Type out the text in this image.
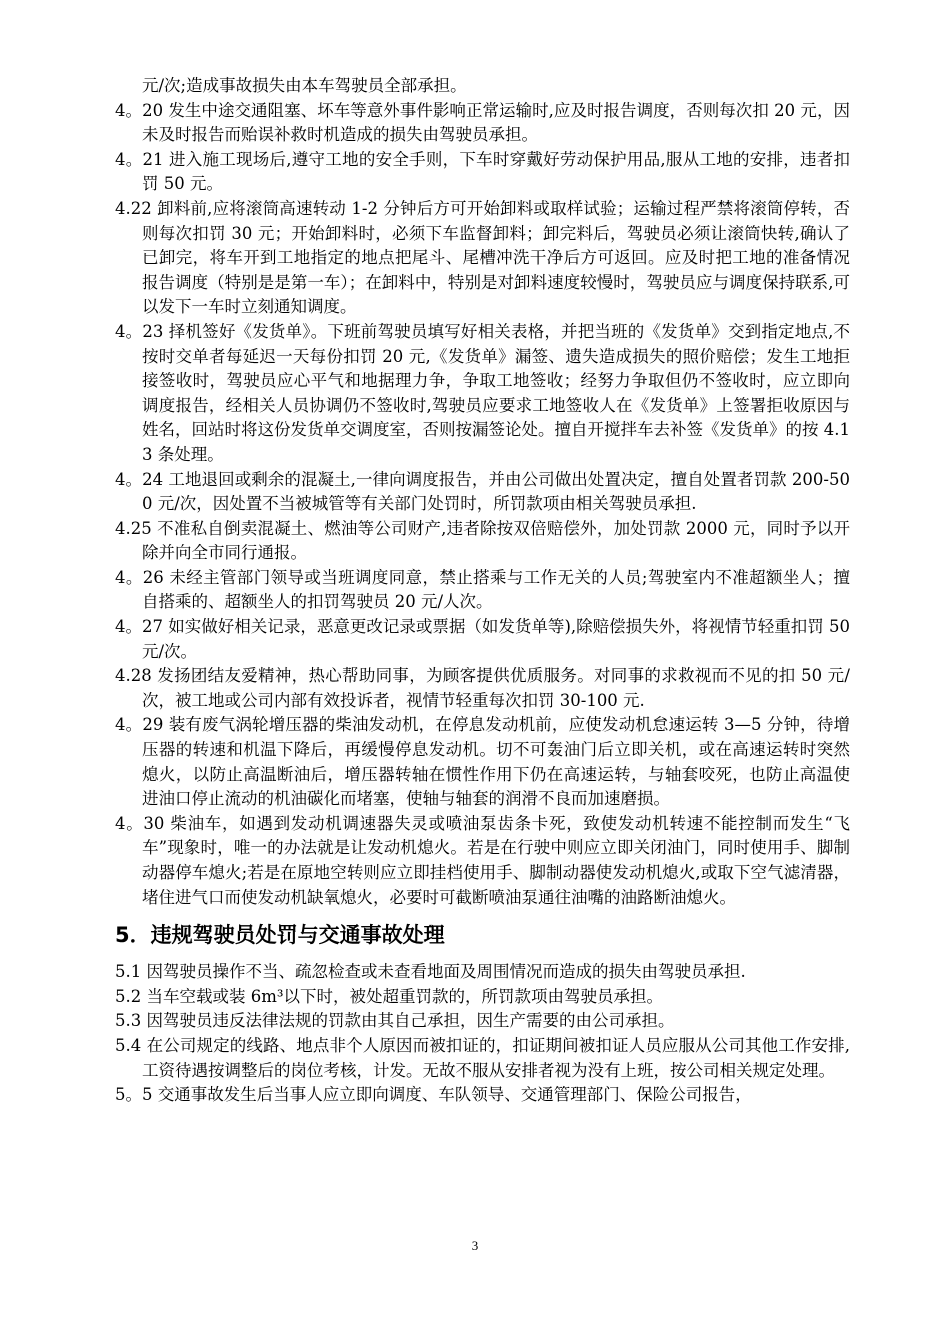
元/次;造成事故损失由本车驾驶员全部承担。

4。20 发生中途交通阻塞、坏车等意外事件影响正常运输时,应及时报告调度，否则每次扣 20 元，因未及时报告而贻误补救时机造成的损失由驾驶员承担。

4。21 进入施工现场后,遵守工地的安全手则，下车时穿戴好劳动保护用品,服从工地的安排，违者扣罚 50 元。

4.22 卸料前,应将滚筒高速转动 1-2 分钟后方可开始卸料或取样试验；运输过程严禁将滚筒停转，否则每次扣罚 30 元；开始卸料时，必须下车监督卸料；卸完料后，驾驶员必须让滚筒快转,确认了已卸完，将车开到工地指定的地点把尾斗、尾槽冲洗干净后方可返回。应及时把工地的准备情况报告调度（特别是是第一车）；在卸料中，特别是对卸料速度较慢时，驾驶员应与调度保持联系,可以发下一车时立刻通知调度。

4。23 择机签好《发货单》。下班前驾驶员填写好相关表格，并把当班的《发货单》交到指定地点,不按时交单者每延迟一天每份扣罚 20 元,《发货单》漏签、遗失造成损失的照价赔偿；发生工地拒接签收时，驾驶员应心平气和地据理力争，争取工地签收；经努力争取但仍不签收时，应立即向调度报告，经相关人员协调仍不签收时,驾驶员应要求工地签收人在《发货单》上签署拒收原因与姓名，回站时将这份发货单交调度室，否则按漏签论处。擅自开搅拌车去补签《发货单》的按 4.13 条处理。

4。24 工地退回或剩余的混凝土,一律向调度报告，并由公司做出处置决定，擅自处置者罚款 200-500 元/次，因处置不当被城管等有关部门处罚时，所罚款项由相关驾驶员承担.

4.25 不准私自倒卖混凝土、燃油等公司财产,违者除按双倍赔偿外，加处罚款 2000 元，同时予以开除并向全市同行通报。

4。26 未经主管部门领导或当班调度同意，禁止搭乘与工作无关的人员;驾驶室内不准超额坐人；擅自搭乘的、超额坐人的扣罚驾驶员 20 元/人次。

4。27 如实做好相关记录，恶意更改记录或票据（如发货单等),除赔偿损失外，将视情节轻重扣罚 50 元/次。

4.28 发扬团结友爱精神，热心帮助同事，为顾客提供优质服务。对同事的求救视而不见的扣 50 元/次，被工地或公司内部有效投诉者，视情节轻重每次扣罚 30-100 元.

4。29 装有废气涡轮增压器的柴油发动机，在停息发动机前，应使发动机怠速运转 3—5 分钟，待增压器的转速和机温下降后，再缓慢停息发动机。切不可轰油门后立即关机，或在高速运转时突然熄火，以防止高温断油后，增压器转轴在惯性作用下仍在高速运转，与轴套咬死，也防止高温使进油口停止流动的机油碳化而堵塞，使轴与轴套的润滑不良而加速磨损。

4。30 柴油车，如遇到发动机调速器失灵或喷油泵齿条卡死，致使发动机转速不能控制而发生“飞车”现象时，唯一的办法就是让发动机熄火。若是在行驶中则应立即关闭油门，同时使用手、脚制动器停车熄火;若是在原地空转则应立即挂档使用手、脚制动器使发动机熄火,或取下空气滤清器，堵住进气口而使发动机缺氧熄火，必要时可截断喷油泵通往油嘴的油路断油熄火。

5．违规驾驶员处罚与交通事故处理

5.1 因驾驶员操作不当、疏忽检查或未查看地面及周围情况而造成的损失由驾驶员承担.

5.2 当车空载或装 6m³以下时，被处超重罚款的，所罚款项由驾驶员承担。

5.3 因驾驶员违反法律法规的罚款由其自己承担，因生产需要的由公司承担。

5.4 在公司规定的线路、地点非个人原因而被扣证的，扣证期间被扣证人员应服从公司其他工作安排,工资待遇按调整后的岗位考核，计发。无故不服从安排者视为没有上班，按公司相关规定处理。

5。5 交通事故发生后当事人应立即向调度、车队领导、交通管理部门、保险公司报告，

3
